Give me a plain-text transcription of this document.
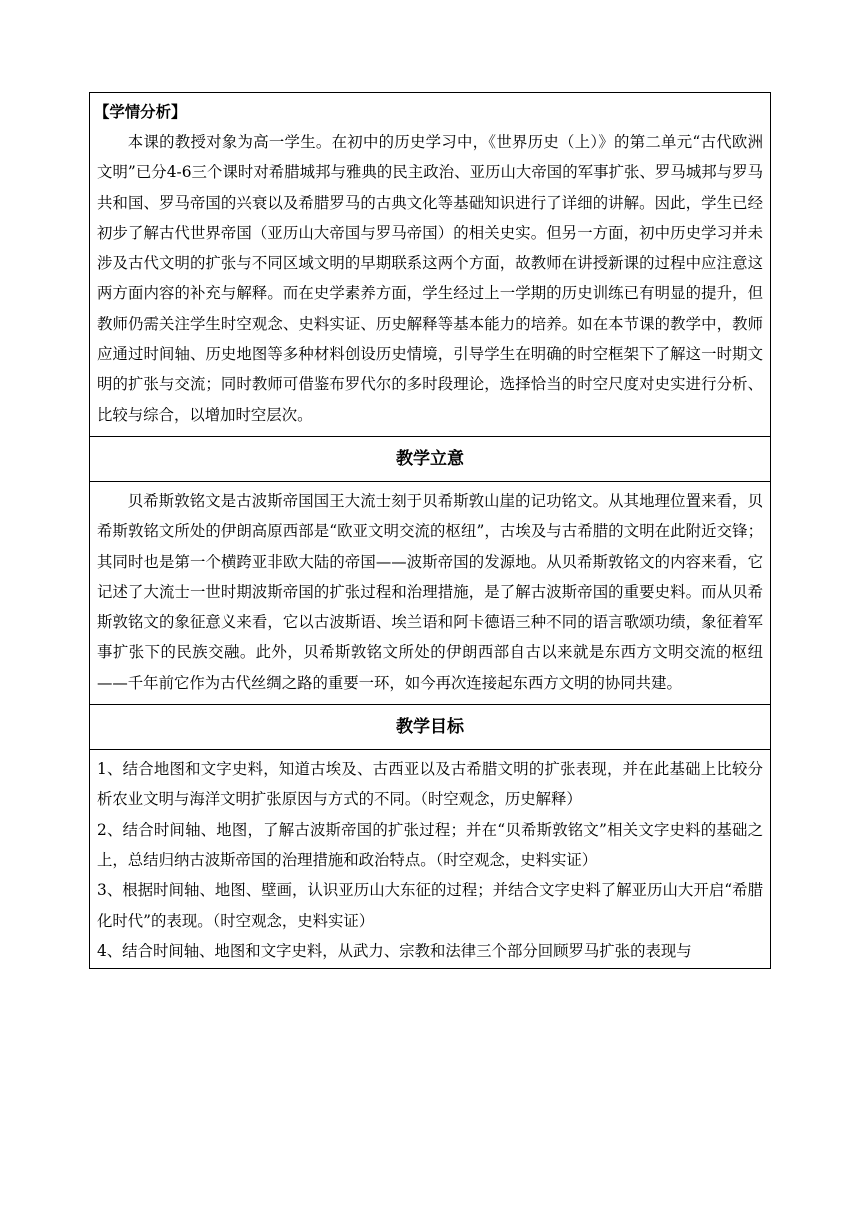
【学情分析】

本课的教授对象为高一学生。在初中的历史学习中，《世界历史（上）》的第二单元“古代欧洲文明”已分4-6三个课时对希腊城邦与雅典的民主政治、亚历山大帝国的军事扩张、罗马城邦与罗马共和国、罗马帝国的兴衰以及希腊罗马的古典文化等基础知识进行了详细的讲解。因此，学生已经初步了解古代世界帝国（亚历山大帝国与罗马帝国）的相关史实。但另一方面，初中历史学习并未涉及古代文明的扩张与不同区域文明的早期联系这两个方面，故教师在讲授新课的过程中应注意这两方面内容的补充与解释。而在史学素养方面，学生经过上一学期的历史训练已有明显的提升，但教师仍需关注学生时空观念、史料实证、历史解释等基本能力的培养。如在本节课的教学中，教师应通过时间轴、历史地图等多种材料创设历史情境，引导学生在明确的时空框架下了解这一时期文明的扩张与交流；同时教师可借鉴布罗代尔的多时段理论，选择恰当的时空尺度对史实进行分析、比较与综合，以增加时空层次。

教学立意

贝希斯敦铭文是古波斯帝国国王大流士刻于贝希斯敦山崖的记功铭文。从其地理位置来看，贝希斯敦铭文所处的伊朗高原西部是“欧亚文明交流的枢纽”，古埃及与古希腊的文明在此附近交锋；其同时也是第一个横跨亚非欧大陆的帝国——波斯帝国的发源地。从贝希斯敦铭文的内容来看，它记述了大流士一世时期波斯帝国的扩张过程和治理措施，是了解古波斯帝国的重要史料。而从贝希斯敦铭文的象征意义来看，它以古波斯语、埃兰语和阿卡德语三种不同的语言歌颂功绩，象征着军事扩张下的民族交融。此外，贝希斯敦铭文所处的伊朗西部自古以来就是东西方文明交流的枢纽——千年前它作为古代丝绸之路的重要一环，如今再次连接起东西方文明的协同共建。

教学目标

1、结合地图和文字史料，知道古埃及、古西亚以及古希腊文明的扩张表现，并在此基础上比较分析农业文明与海洋文明扩张原因与方式的不同。（时空观念，历史解释）

2、结合时间轴、地图，了解古波斯帝国的扩张过程；并在“贝希斯敦铭文”相关文字史料的基础之上，总结归纳古波斯帝国的治理措施和政治特点。（时空观念，史料实证）

3、根据时间轴、地图、壁画，认识亚历山大东征的过程；并结合文字史料了解亚历山大开启“希腊化时代”的表现。（时空观念，史料实证）

4、结合时间轴、地图和文字史料，从武力、宗教和法律三个部分回顾罗马扩张的表现与
